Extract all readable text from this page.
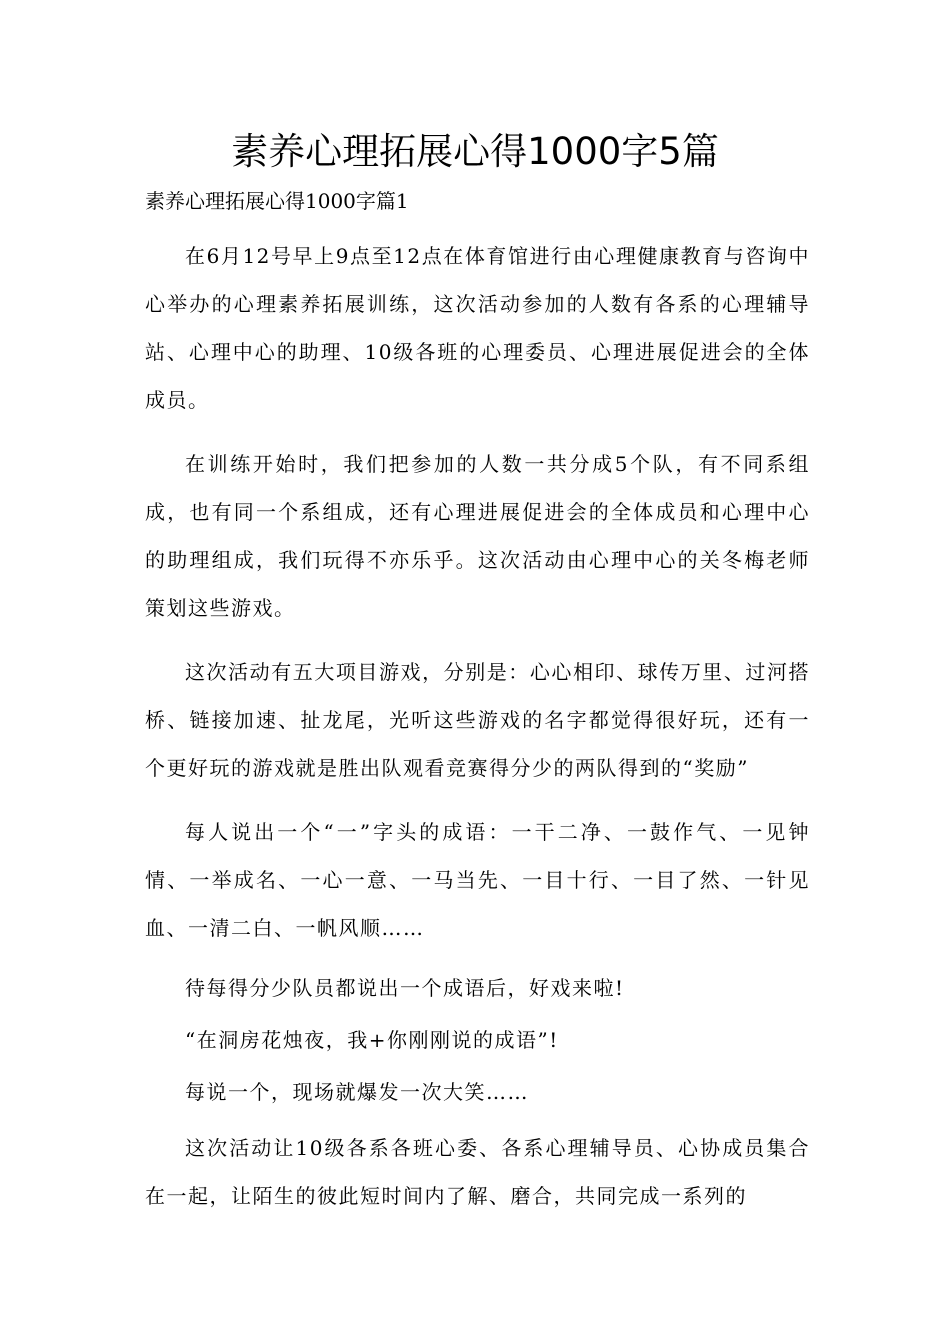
素养心理拓展心得1000字5篇

素养心理拓展心得1000字篇1

在6月12号早上9点至12点在体育馆进行由心理健康教育与咨询中心举办的心理素养拓展训练，这次活动参加的人数有各系的心理辅导站、心理中心的助理、10级各班的心理委员、心理进展促进会的全体成员。

在训练开始时，我们把参加的人数一共分成5个队，有不同系组成，也有同一个系组成，还有心理进展促进会的全体成员和心理中心的助理组成，我们玩得不亦乐乎。这次活动由心理中心的关冬梅老师策划这些游戏。

这次活动有五大项目游戏，分别是：心心相印、球传万里、过河搭桥、链接加速、扯龙尾，光听这些游戏的名字都觉得很好玩，还有一个更好玩的游戏就是胜出队观看竞赛得分少的两队得到的“奖励”

每人说出一个“一”字头的成语：一干二净、一鼓作气、一见钟情、一举成名、一心一意、一马当先、一目十行、一目了然、一针见血、一清二白、一帆风顺……

待每得分少队员都说出一个成语后，好戏来啦!

“在洞房花烛夜，我+你刚刚说的成语”!

每说一个，现场就爆发一次大笑……

这次活动让10级各系各班心委、各系心理辅导员、心协成员集合在一起，让陌生的彼此短时间内了解、磨合，共同完成一系列的
